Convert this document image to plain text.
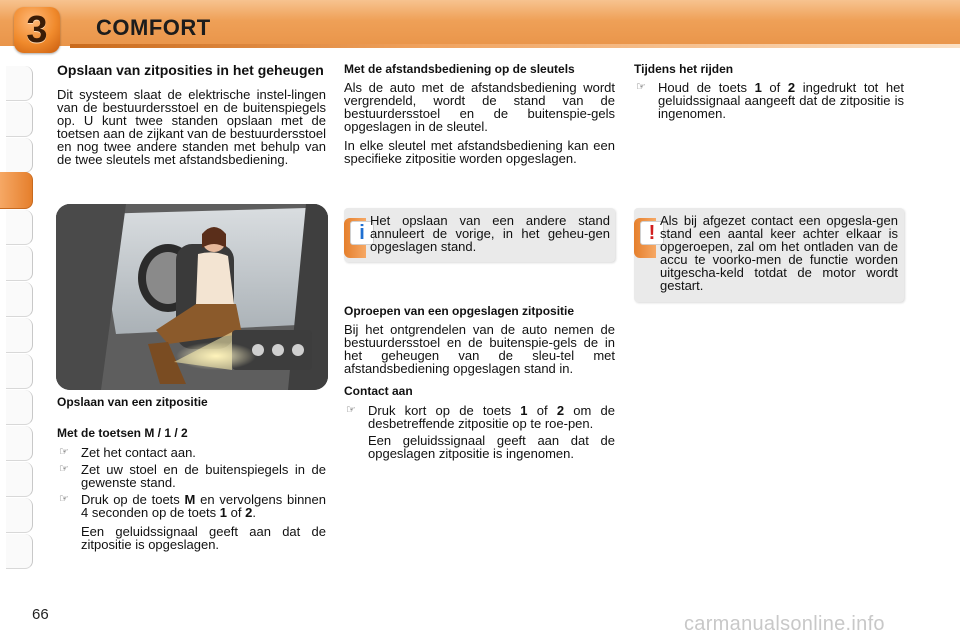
3	COMFORT

Opslaan van zitposities in het geheugen

Dit systeem slaat de elektrische instel-lingen van de bestuurdersstoel en de buitenspiegels op. U kunt twee standen opslaan met de toetsen aan de zijkant van de bestuurdersstoel en nog twee andere standen met behulp van de twee sleutels met afstandsbediening.

Opslaan van een zitpositie

Met de toetsen M / 1 / 2

☞ Zet het contact aan.
☞ Zet uw stoel en de buitenspiegels in de gewenste stand.
☞ Druk op de toets M en vervolgens binnen 4 seconden op de toets 1 of 2.

Een geluidssignaal geeft aan dat de zitpositie is opgeslagen.

Met de afstandsbediening op de sleutels

Als de auto met de afstandsbediening wordt vergrendeld, wordt de stand van de bestuurdersstoel en de buitenspie-gels opgeslagen in de sleutel.

In elke sleutel met afstandsbediening kan een specifieke zitpositie worden opgeslagen.

i
Het opslaan van een andere stand annuleert de vorige, in het geheu-gen opgeslagen stand.

Oproepen van een opgeslagen zitpositie

Bij het ontgrendelen van de auto nemen de bestuurdersstoel en de buitenspie-gels de in het geheugen van de sleu-tel met afstandsbediening opgeslagen stand in.

Contact aan

☞ Druk kort op de toets 1 of 2 om de desbetreffende zitpositie op te roe-pen.

Een geluidssignaal geeft aan dat de opgeslagen zitpositie is ingenomen.

Tijdens het rijden

☞ Houd de toets 1 of 2 ingedrukt tot het geluidssignaal aangeeft dat de zitpositie is ingenomen.
!
Als bij afgezet contact een opgesla-gen stand een aantal keer achter elkaar is opgeroepen, zal om het ontladen van de accu te voorko-men de functie worden uitgescha-keld totdat de motor wordt gestart.
66	carmanualsonline.info
